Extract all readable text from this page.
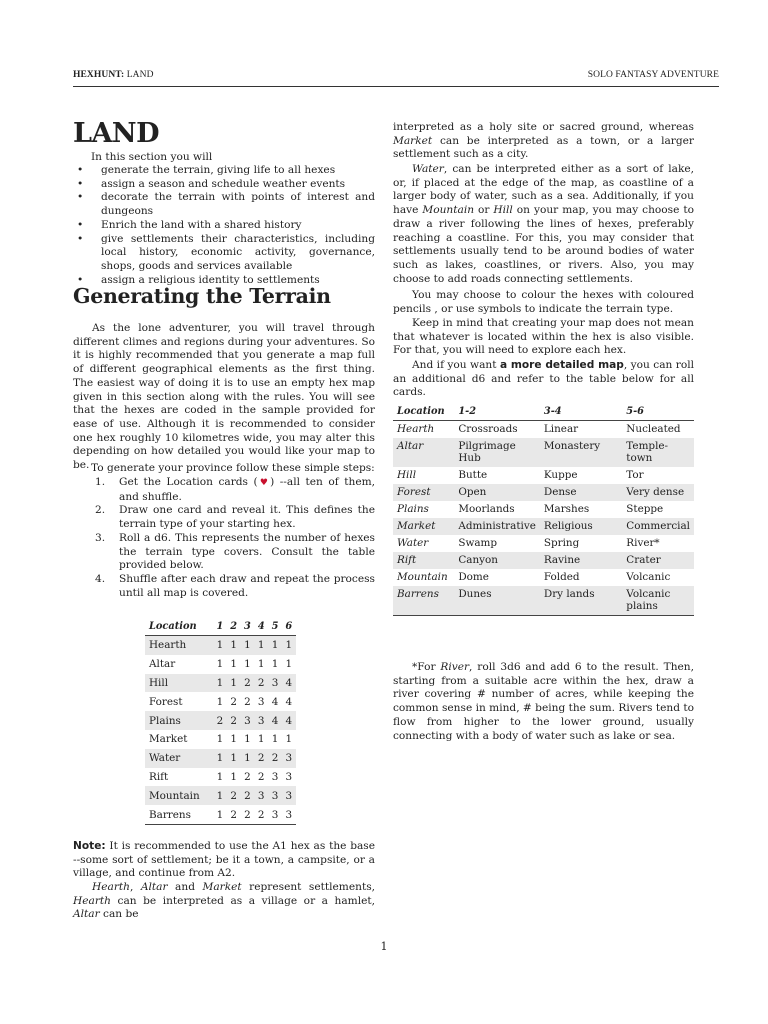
HEXHUNT: LAND	SOLO FANTASY ADVENTURE
LAND
In this section you will
• generate the terrain, giving life to all hexes
• assign a season and schedule weather events
• decorate the terrain with points of interest and dungeons
• Enrich the land with a shared history
• give settlements their characteristics, including local history, economic activity, governance, shops, goods and services available
• assign a religious identity to settlements
Generating the Terrain
As the lone adventurer, you will travel through different climes and regions during your adventures. So it is highly recommended that you generate a map full of different geographical elements as the first thing. The easiest way of doing it is to use an empty hex map given in this section along with the rules. You will see that the hexes are coded in the sample provided for ease of use. Although it is recommended to consider one hex roughly 10 kilometres wide, you may alter this depending on how detailed you would like your map to be. To generate your province follow these simple steps:
1. Get the Location cards (♥) --all ten of them, and shuffle.
2. Draw one card and reveal it. This defines the terrain type of your starting hex.
3. Roll a d6. This represents the number of hexes the terrain type covers. Consult the table provided below.
4. Shuffle after each draw and repeat the process until all map is covered.
Location	1	2	3	4	5	6
Hearth	1	1	1	1	1	1
Altar	1	1	1	1	1	1
Hill	1	1	2	2	3	4
Forest	1	2	2	3	4	4
Plains	2	2	3	3	4	4
Market	1	1	1	1	1	1
Water	1	1	1	2	2	3
Rift	1	1	2	2	3	3
Mountain	1	2	2	3	3	3
Barrens	1	2	2	2	3	3
Note: It is recommended to use the A1 hex as the base --some sort of settlement; be it a town, a campsite, or a village, and continue from A2.
Hearth, Altar and Market represent settlements, Hearth can be interpreted as a village or a hamlet, Altar can be
interpreted as a holy site or sacred ground, whereas Market can be interpreted as a town, or a larger settlement such as a city.
Water, can be interpreted either as a sort of lake, or, if placed at the edge of the map, as coastline of a larger body of water, such as a sea. Additionally, if you have Mountain or Hill on your map, you may choose to draw a river following the lines of hexes, preferably reaching a coastline. For this, you may consider that settlements usually tend to be around bodies of water such as lakes, coastlines, or rivers. Also, you may choose to add roads connecting settlements.
You may choose to colour the hexes with coloured pencils , or use symbols to indicate the terrain type.
Keep in mind that creating your map does not mean that whatever is located within the hex is also visible. For that, you will need to explore each hex.
And if you want a more detailed map, you can roll an additional d6 and refer to the table below for all cards.
Location	1-2	3-4	5-6
Hearth	Crossroads	Linear	Nucleated
Altar	Pilgrimage Hub	Monastery	Temple-town
Hill	Butte	Kuppe	Tor
Forest	Open	Dense	Very dense
Plains	Moorlands	Marshes	Steppe
Market	Administrative	Religious	Commercial
Water	Swamp	Spring	River*
Rift	Canyon	Ravine	Crater
Mountain	Dome	Folded	Volcanic
Barrens	Dunes	Dry lands	Volcanic plains
*For River, roll 3d6 and add 6 to the result. Then, starting from a suitable acre within the hex, draw a river covering # number of acres, while keeping the common sense in mind, # being the sum. Rivers tend to flow from higher to the lower ground, usually connecting with a body of water such as lake or sea.
1
